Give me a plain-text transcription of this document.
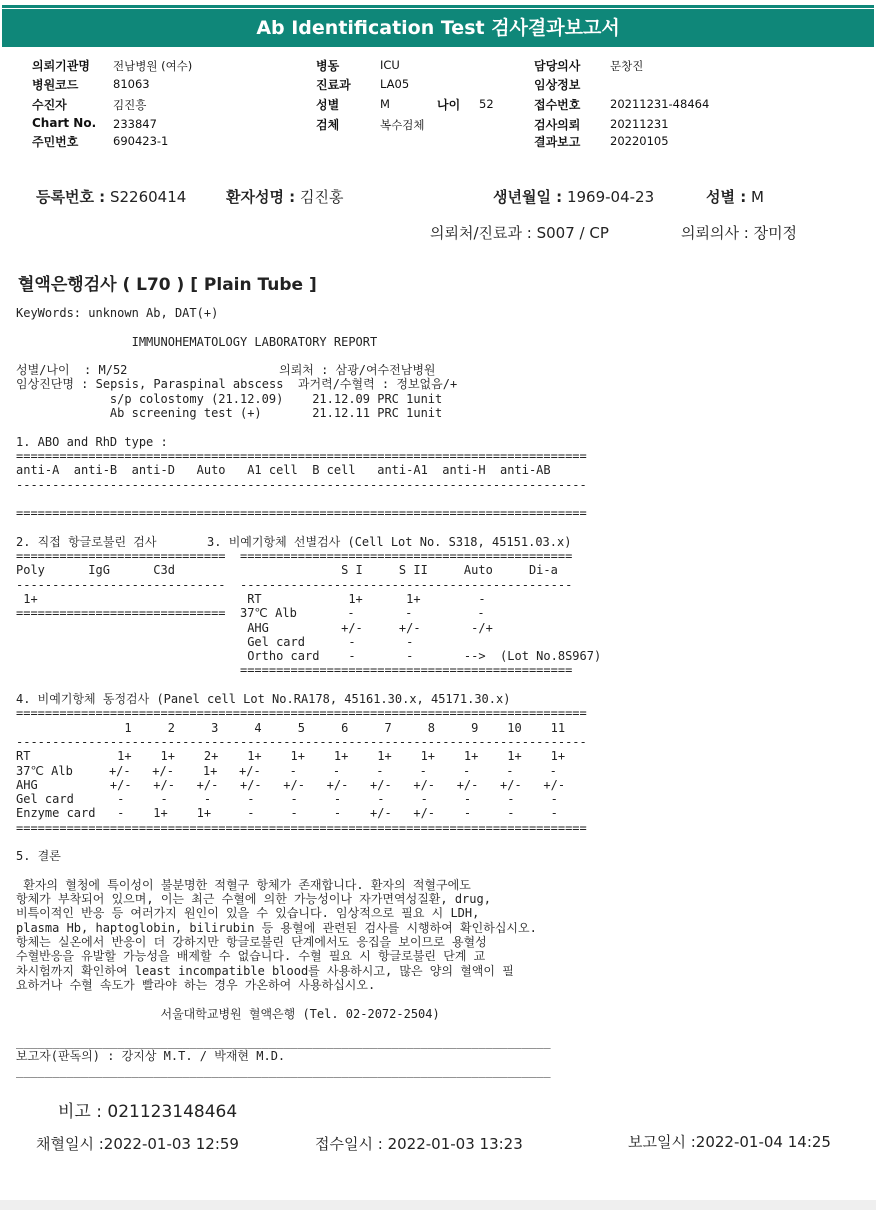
Ab Identification Test 검사결과보고서
의뢰기관명 전남병원 (여수)
병원코드	81063
수진자	김진흥
Chart No. 233847
주민번호	690423-1
병동	ICU
진료과	LA05
성별	M	나이 52
검체	복수검체
담당의사	문창진
임상정보
접수번호	20211231-48464
검사의뢰	20211231
결과보고	20220105
등록번호 : S2260414	환자성명 : 김진홍	생년월일 : 1969-04-23	성별 : M
의뢰처/진료과 : S007 / CP	의뢰의사 : 장미정
혈액은행검사 ( L70 ) [ Plain Tube ]
KeyWords: unknown Ab, DAT(+)

IMMUNOHEMATOLOGY LABORATORY REPORT

성별/나이  : M/52                     의뢰처 : 삼광/여수전남병원
임상진단명 : Sepsis, Paraspinal abscess  과거력/수혈력 : 정보없음/+
s/p colostomy (21.12.09)    21.12.09 PRC 1unit
Ab screening test (+)       21.12.11 PRC 1unit

1. ABO and RhD type :
===============================================================================
anti-A  anti-B  anti-D   Auto   A1 cell  B cell   anti-A1  anti-H  anti-AB
-------------------------------------------------------------------------------

===============================================================================

2. 직접 항글로불린 검사       3. 비예기항체 선별검사 (Cell Lot No. S318, 45151.03.x)
=============================  ==============================================
Poly      IgG      C3d                       S I     S II     Auto     Di-a
-----------------------------  ----------------------------------------------
1+                             RT            1+      1+        -
=============================  37℃ Alb       -       -         -
AHG          +/-     +/-       -/+
Gel card      -       -
Ortho card    -       -       -->  (Lot No.8S967)
==============================================

4. 비예기항체 동정검사 (Panel cell Lot No.RA178, 45161.30.x, 45171.30.x)
===============================================================================
1     2     3     4     5     6     7     8     9    10    11
-------------------------------------------------------------------------------
RT            1+    1+    2+    1+    1+    1+    1+    1+    1+    1+    1+
37℃ Alb     +/-   +/-    1+   +/-    -     -     -     -     -     -     -
AHG          +/-   +/-   +/-   +/-   +/-   +/-   +/-   +/-   +/-   +/-   +/-
Gel card      -     -     -     -     -     -     -     -     -     -     -
Enzyme card   -    1+    1+     -     -     -    +/-   +/-    -     -     -
===============================================================================

5. 결론

환자의 혈청에 특이성이 불분명한 적혈구 항체가 존재합니다. 환자의 적혈구에도
항체가 부착되어 있으며, 이는 최근 수혈에 의한 가능성이나 자가면역성질환, drug,
비특이적인 반응 등 여러가지 원인이 있을 수 있습니다. 임상적으로 필요 시 LDH,
plasma Hb, haptoglobin, bilirubin 등 용혈에 관련된 검사를 시행하여 확인하십시오.
항체는 실온에서 반응이 더 강하지만 항글로불린 단계에서도 응집을 보이므로 용혈성
수혈반응을 유발할 가능성을 배제할 수 없습니다. 수혈 필요 시 항글로불린 단계 교
차시험까지 확인하여 least incompatible blood를 사용하시고, 많은 양의 혈액이 필
요하거나 수혈 속도가 빨라야 하는 경우 가온하여 사용하십시오.

서울대학교병원 혈액은행 (Tel. 02-2072-2504)

__________________________________________________________________________
보고자(판독의) : 강지상 M.T. / 박재현 M.D.
__________________________________________________________________________
비고 : 021123148464
채혈일시 :2022-01-03 12:59	접수일시 : 2022-01-03 13:23	보고일시 :2022-01-04 14:25
